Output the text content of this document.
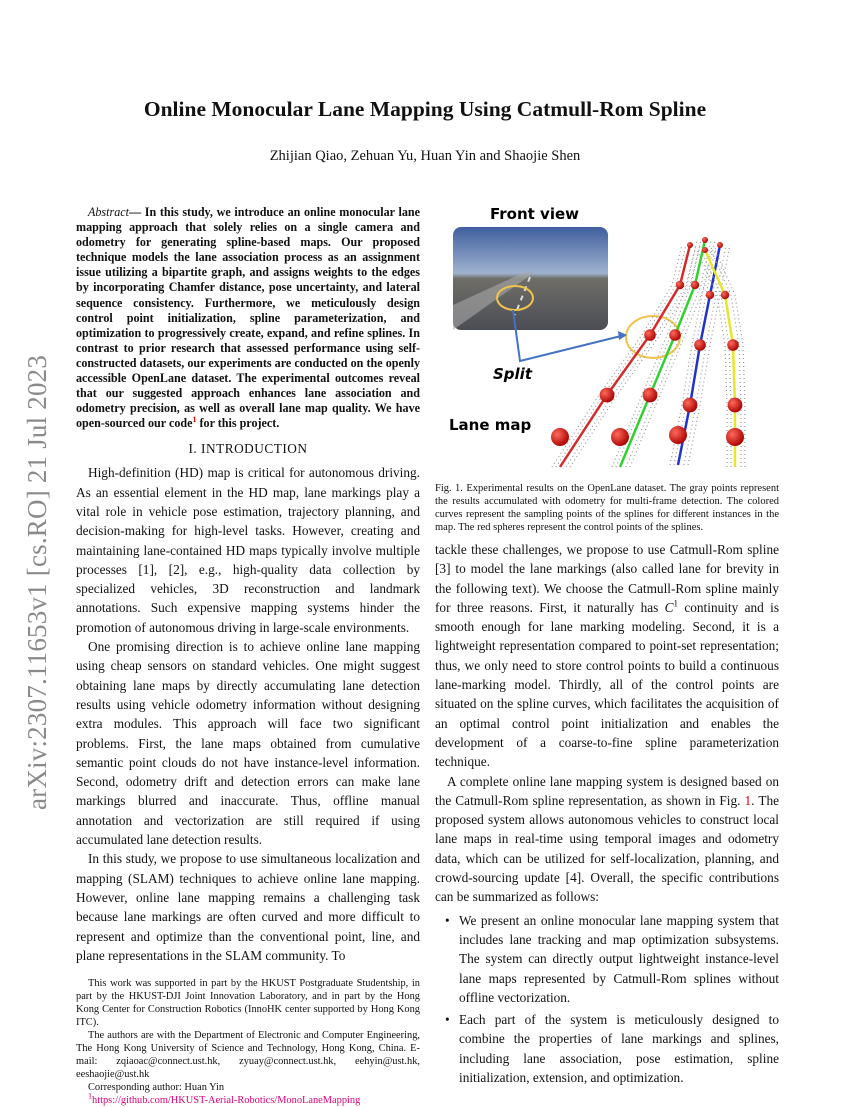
arXiv:2307.11653v1 [cs.RO] 21 Jul 2023
Online Monocular Lane Mapping Using Catmull-Rom Spline
Zhijian Qiao, Zehuan Yu, Huan Yin and Shaojie Shen
Abstract— In this study, we introduce an online monocular lane mapping approach that solely relies on a single camera and odometry for generating spline-based maps. Our proposed technique models the lane association process as an assignment issue utilizing a bipartite graph, and assigns weights to the edges by incorporating Chamfer distance, pose uncertainty, and lateral sequence consistency. Furthermore, we meticulously design control point initialization, spline parameterization, and optimization to progressively create, expand, and refine splines. In contrast to prior research that assessed performance using self-constructed datasets, our experiments are conducted on the openly accessible OpenLane dataset. The experimental outcomes reveal that our suggested approach enhances lane association and odometry precision, as well as overall lane map quality. We have open-sourced our code$^1$ for this project.
I. INTRODUCTION

High-definition (HD) map is critical for autonomous driving. As an essential element in the HD map, lane markings play a vital role in vehicle pose estimation, trajectory planning, and decision-making for high-level tasks. However, creating and maintaining lane-contained HD maps typically involve multiple processes [1], [2], e.g., high-quality data collection by specialized vehicles, 3D reconstruction and landmark annotations. Such expensive mapping systems hinder the promotion of autonomous driving in large-scale environments.

One promising direction is to achieve online lane mapping using cheap sensors on standard vehicles. One might suggest obtaining lane maps by directly accumulating lane detection results using vehicle odometry information without designing extra modules. This approach will face two significant problems. First, the lane maps obtained from cumulative semantic point clouds do not have instance-level information. Second, odometry drift and detection errors can make lane markings blurred and inaccurate. Thus, offline manual annotation and vectorization are still required if using accumulated lane detection results.

In this study, we propose to use simultaneous localization and mapping (SLAM) techniques to achieve online lane mapping. However, online lane mapping remains a challenging task because lane markings are often curved and more difficult to represent and optimize than the conventional point, line, and plane representations in the SLAM community. To

This work was supported in part by the HKUST Postgraduate Studentship, in part by the HKUST-DJI Joint Innovation Laboratory, and in part by the Hong Kong Center for Construction Robotics (InnoHK center supported by Hong Kong ITC).

The authors are with the Department of Electronic and Computer Engineering, The Hong Kong University of Science and Technology, Hong Kong, China. E-mail: zqiaoac@connect.ust.hk, zyuay@connect.ust.hk, eehyin@ust.hk, eeshaojie@ust.hk

Corresponding author: Huan Yin

$^1$https://github.com/HKUST-Aerial-Robotics/MonoLaneMapping

Front view
Split
Lane map
Fig. 1. Experimental results on the OpenLane dataset. The gray points represent the results accumulated with odometry for multi-frame detection. The colored curves represent the sampling points of the splines for different instances in the map. The red spheres represent the control points of the splines.

tackle these challenges, we propose to use Catmull-Rom spline [3] to model the lane markings (also called lane for brevity in the following text). We choose the Catmull-Rom spline mainly for three reasons. First, it naturally has $C^1$ continuity and is smooth enough for lane marking modeling. Second, it is a lightweight representation compared to point-set representation; thus, we only need to store control points to build a continuous lane-marking model. Thirdly, all of the control points are situated on the spline curves, which facilitates the acquisition of an optimal control point initialization and enables the development of a coarse-to-fine spline parameterization technique.

A complete online lane mapping system is designed based on the Catmull-Rom spline representation, as shown in Fig. 1. The proposed system allows autonomous vehicles to construct local lane maps in real-time using temporal images and odometry data, which can be utilized for self-localization, planning, and crowd-sourcing update [4]. Overall, the specific contributions can be summarized as follows:

• We present an online monocular lane mapping system that includes lane tracking and map optimization subsystems. The system can directly output lightweight instance-level lane maps represented by Catmull-Rom splines without offline vectorization.
• Each part of the system is meticulously designed to combine the properties of lane markings and splines, including lane association, pose estimation, spline initialization, extension, and optimization.
